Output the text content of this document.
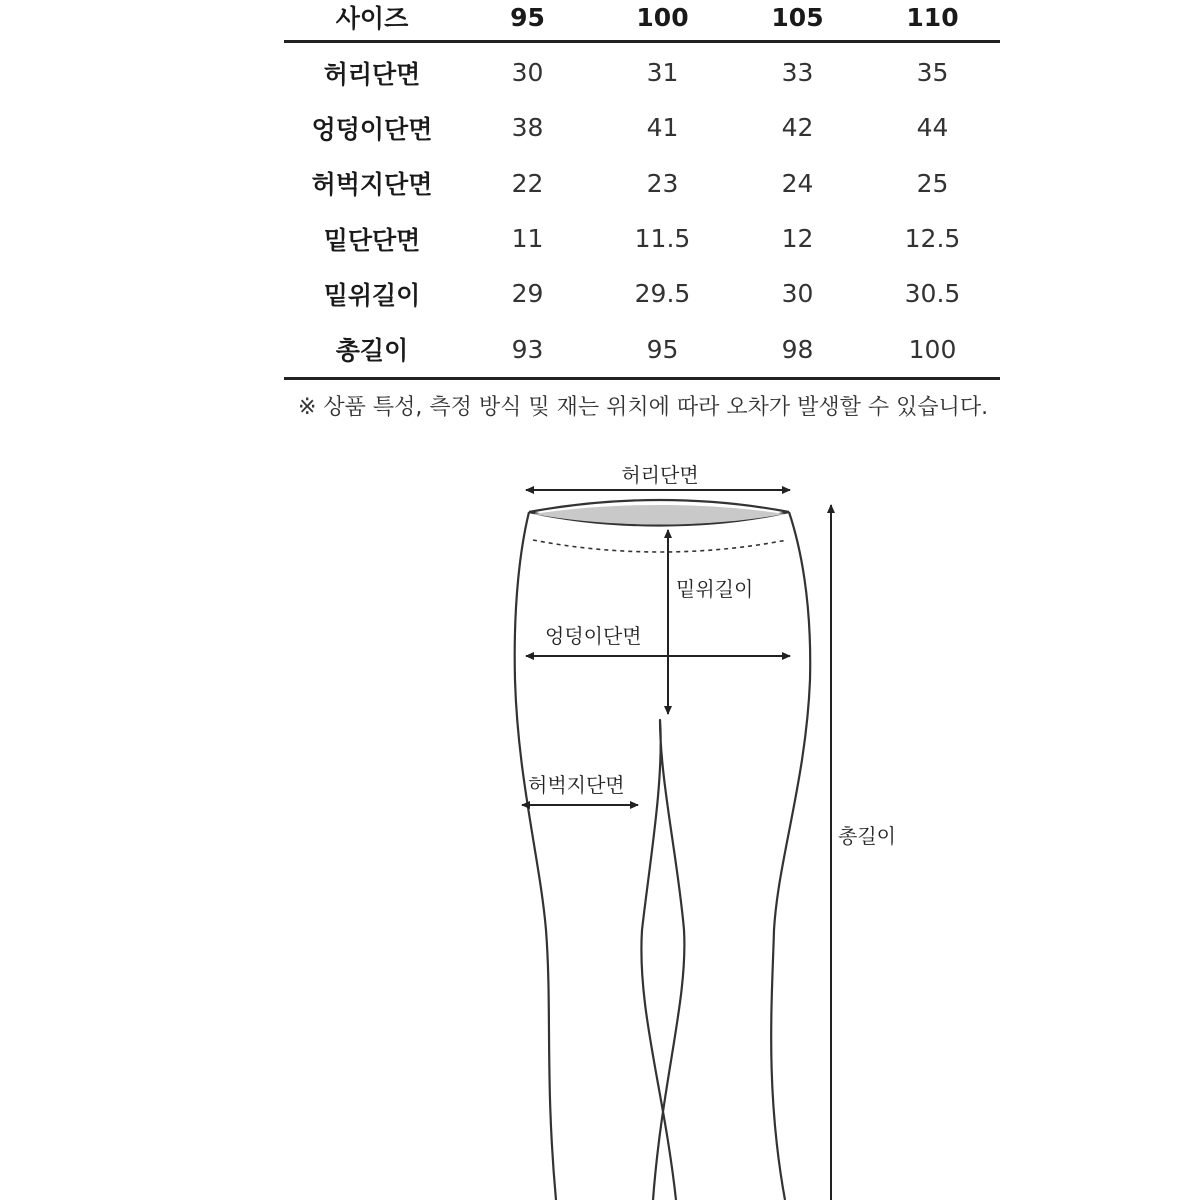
사이즈	95	100	105	110
허리단면	30	31	33	35
엉덩이단면	38	41	42	44
허벅지단면	22	23	24	25
밑단단면	11	11.5	12	12.5
밑위길이	29	29.5	30	30.5
총길이	93	95	98	100
※ 상품 특성, 측정 방식 및 재는 위치에 따라 오차가 발생할 수 있습니다.
허리단면
밑위길이
엉덩이단면
허벅지단면
총길이
